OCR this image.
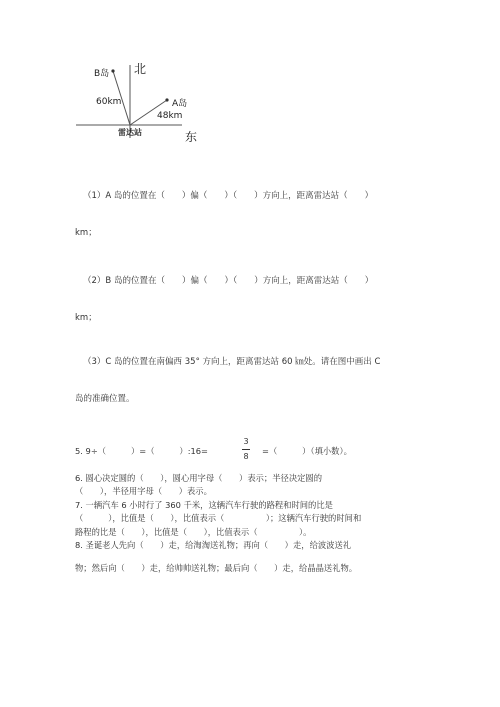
北
B岛
A岛
60km
48km
雷达站	东
（1）A 岛的位置在（　　）偏（　　）（　　）方向上，距离雷达站（　　）
km；
（2）B 岛的位置在（　　）偏（　　）（　　）方向上，距离雷达站（　　）
km；
（3）C 岛的位置在南偏西 35° 方向上，距离雷达站 60 ㎞处。请在图中画出 C
岛的准确位置。
5. 9÷（　　　）=（　　　）:16=
3
8
=（　　　）（填小数）。
6. 圆心决定圆的（　　），圆心用字母（　　）表示；半径决定圆的
（　　），半径用字母（　　）表示。
7. 一辆汽车 6 小时行了 360 千米，这辆汽车行驶的路程和时间的比是
（　　　），比值是（　　），比值表示（　　　　　）；这辆汽车行驶的时间和
路程的比是（　　），比值是（　　），比值表示（　　　　　）。
8. 圣诞老人先向（　　）走，给淘淘送礼物；再向（　　）走，给波波送礼
物；然后向（　　）走，给帅帅送礼物；最后向（　　）走，给晶晶送礼物。
